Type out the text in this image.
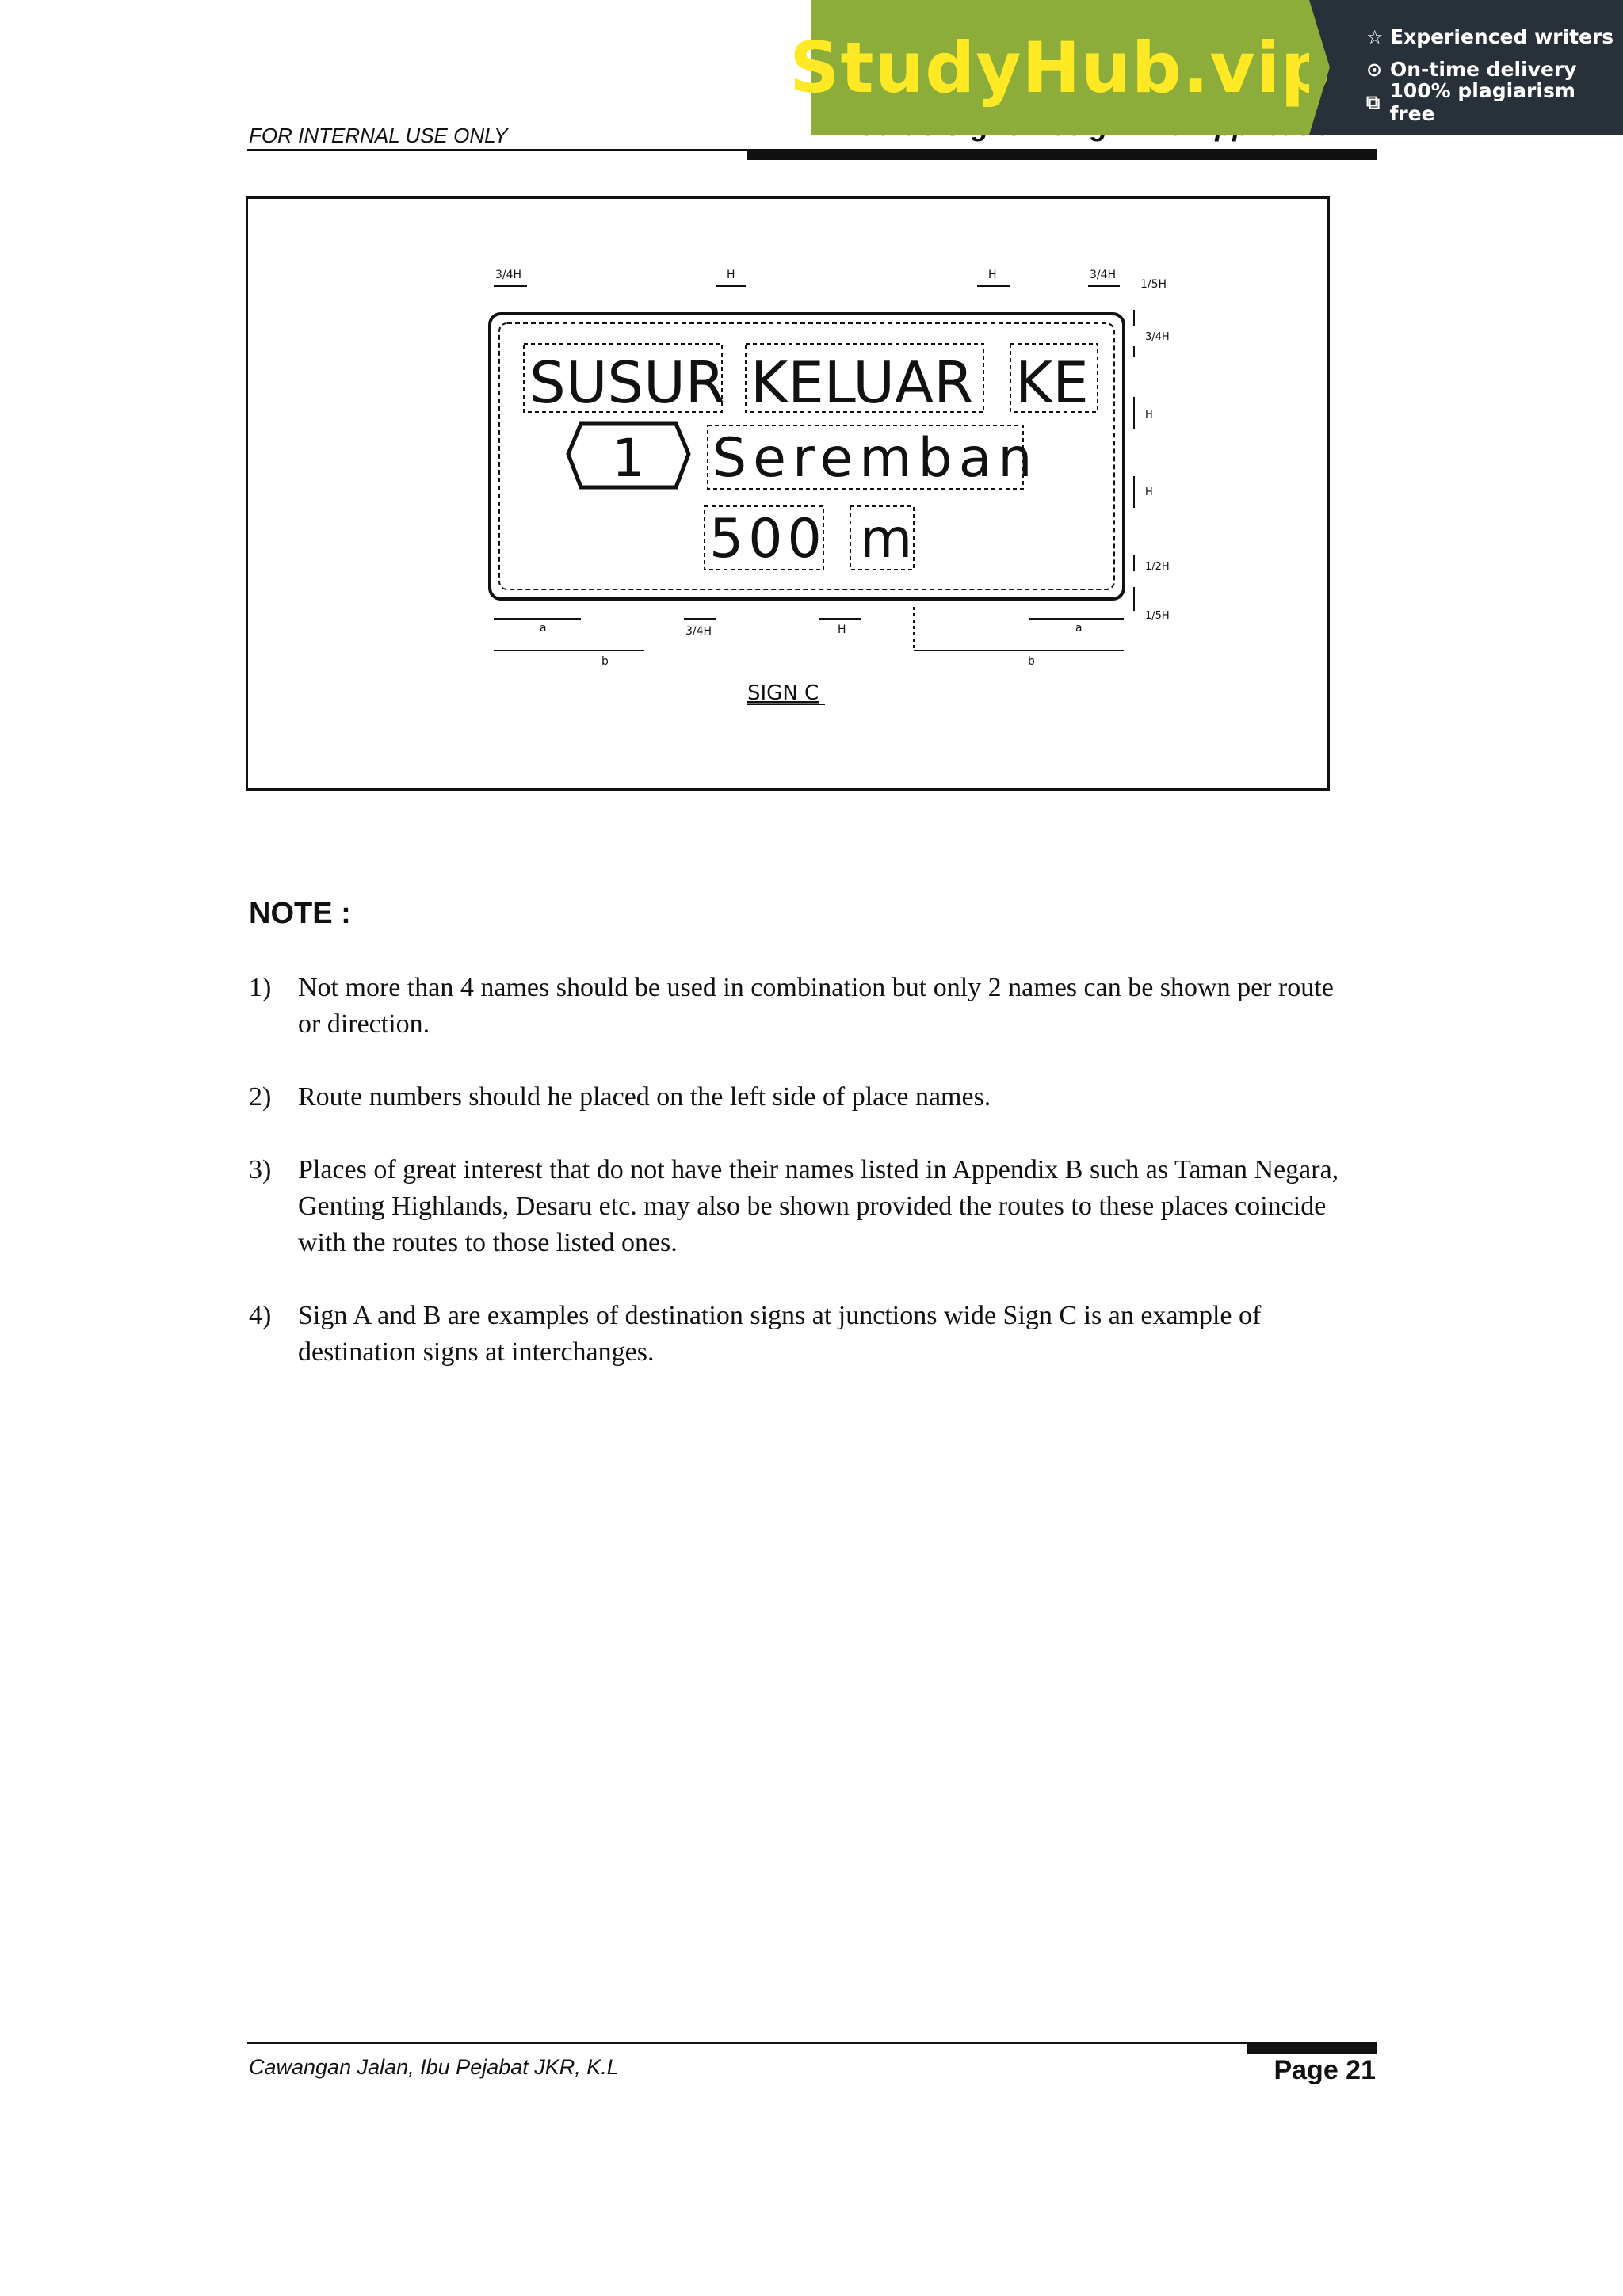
FOR INTERNAL USE ONLY
StudyHub.vip ☆ Experienced writers
⊙ On-time delivery
⧉ 100% plagiarism free
SUSUR KELUAR KE
1 Seremban
500 m
3/4H	H	H	3/4H
1/5H
3/4H
H
H
1/2H
1/5H
a	3/4H	H	a
b	b
SIGN C
NOTE :
1) Not more than 4 names should be used in combination but only 2 names can be shown per route or direction.
2) Route numbers should he placed on the left side of place names.
3) Places of great interest that do not have their names listed in Appendix B such as Taman Negara, Genting Highlands, Desaru etc. may also be shown provided the routes to these places coincide with the routes to those listed ones.
4) Sign A and B are examples of destination signs at junctions wide Sign C is an example of destination signs at interchanges.
Cawangan Jalan, Ibu Pejabat JKR, K.L	Page 21
